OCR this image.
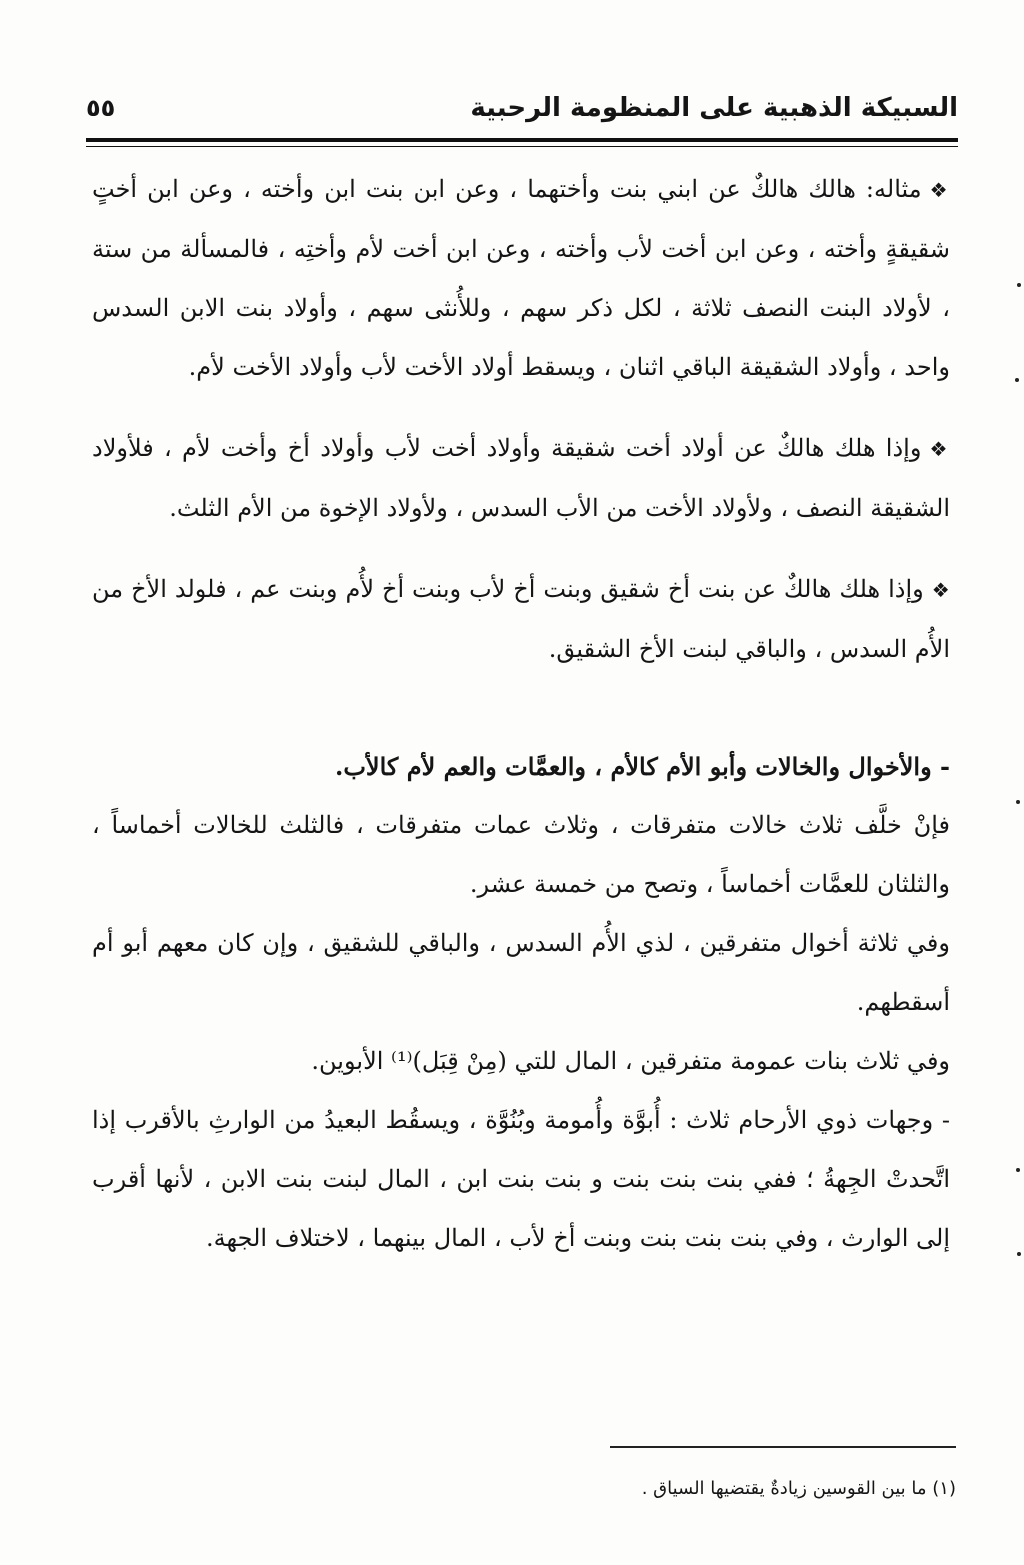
السبيكة الذهبية على المنظومة الرحبية
٥٥

❖مثاله: هالك هالكٌ عن ابني بنت وأختهما ، وعن ابن بنت ابن وأخته ، وعن ابن أختٍ شقيقةٍ وأخته ، وعن ابن أخت لأب وأخته ، وعن ابن أخت لأم وأختِه ، فالمسألة من ستة ، لأولاد البنت النصف ثلاثة ، لكل ذكر سهم ، وللأُنثى سهم ، وأولاد بنت الابن السدس واحد ، وأولاد الشقيقة الباقي اثنان ، ويسقط أولاد الأخت لأب وأولاد الأخت لأم.

❖وإذا هلك هالكٌ عن أولاد أخت شقيقة وأولاد أخت لأب وأولاد أخ وأخت لأم ، فلأولاد الشقيقة النصف ، ولأولاد الأخت من الأب السدس ، ولأولاد الإخوة من الأم الثلث.

❖وإذا هلك هالكٌ عن بنت أخ شقيق وبنت أخ لأب وبنت أخ لأُم وبنت عم ، فلولد الأخ من الأُم السدس ، والباقي لبنت الأخ الشقيق.

- والأخوال والخالات وأبو الأم كالأم ، والعمَّات والعم لأم كالأب.

فإنْ خلَّف ثلاث خالات متفرقات ، وثلاث عمات متفرقات ، فالثلث للخالات أخماساً ، والثلثان للعمَّات أخماساً ، وتصح من خمسة عشر.

وفي ثلاثة أخوال متفرقين ، لذي الأُم السدس ، والباقي للشقيق ، وإن كان معهم أبو أم أسقطهم.

وفي ثلاث بنات عمومة متفرقين ، المال للتي (مِنْ قِبَل)⁽¹⁾ الأبوين.

- وجهات ذوي الأرحام ثلاث : أُبوَّة وأُمومة وبُنُوَّة ، ويسقُط البعيدُ من الوارثِ بالأقرب إذا اتَّحدتْ الجِهةُ ؛ ففي بنت بنت بنت و بنت بنت ابن ، المال لبنت بنت الابن ، لأنها أقرب إلى الوارث ، وفي بنت بنت بنت وبنت أخ لأب ، المال بينهما ، لاختلاف الجهة.

(١) ما بين القوسين زيادةٌ يقتضيها السياق .
